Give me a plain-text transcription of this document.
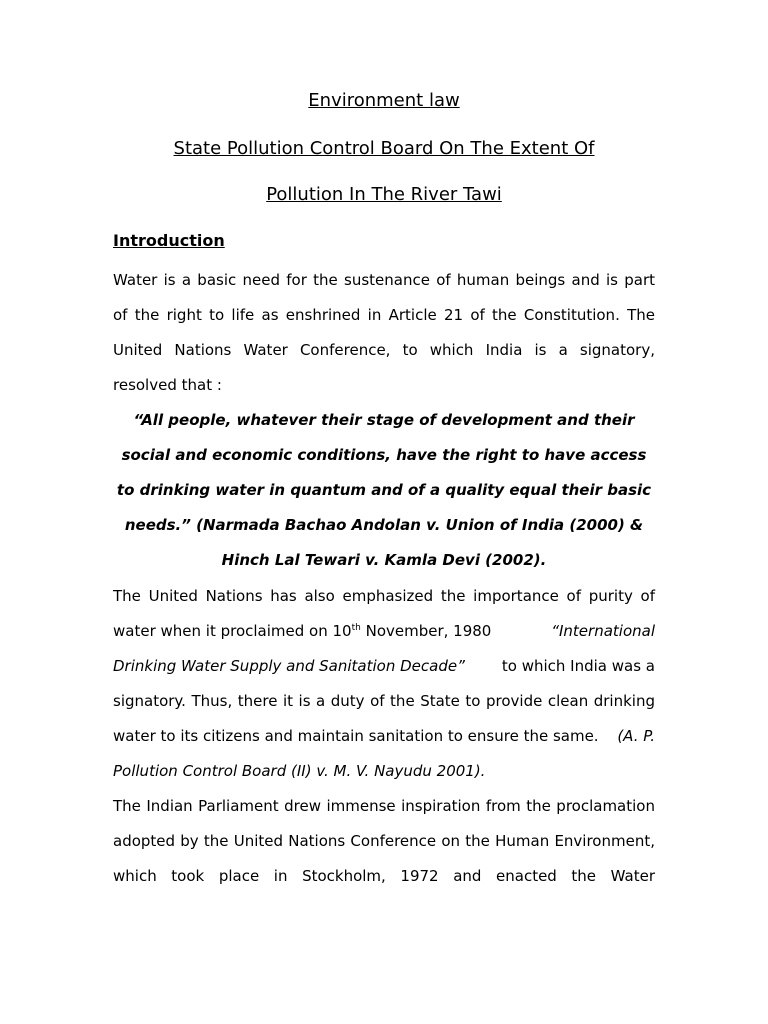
Environment law
State Pollution Control Board On The Extent Of
Pollution In The River Tawi
Introduction
Water is a basic need for the sustenance of human beings and is part
of the right to life as enshrined in Article 21 of the Constitution. The
United Nations Water Conference, to which India is a signatory,
resolved that :
“All people, whatever their stage of development and their
social and economic conditions, have the right to have access
to drinking water in quantum and of a quality equal their basic
needs.” (Narmada Bachao Andolan v. Union of India (2000) &
Hinch Lal Tewari v. Kamla Devi (2002).
The United Nations has also emphasized the importance of purity of
water when it proclaimed on 10th November, 1980	“International
Drinking Water Supply and Sanitation Decade” to which India was a
signatory. Thus, there it is a duty of the State to provide clean drinking
water to its citizens and maintain sanitation to ensure the same. (A. P.
Pollution Control Board (II) v. M. V. Nayudu 2001).
The Indian Parliament drew immense inspiration from the proclamation
adopted by the United Nations Conference on the Human Environment,
which took place in Stockholm, 1972 and enacted the Water
